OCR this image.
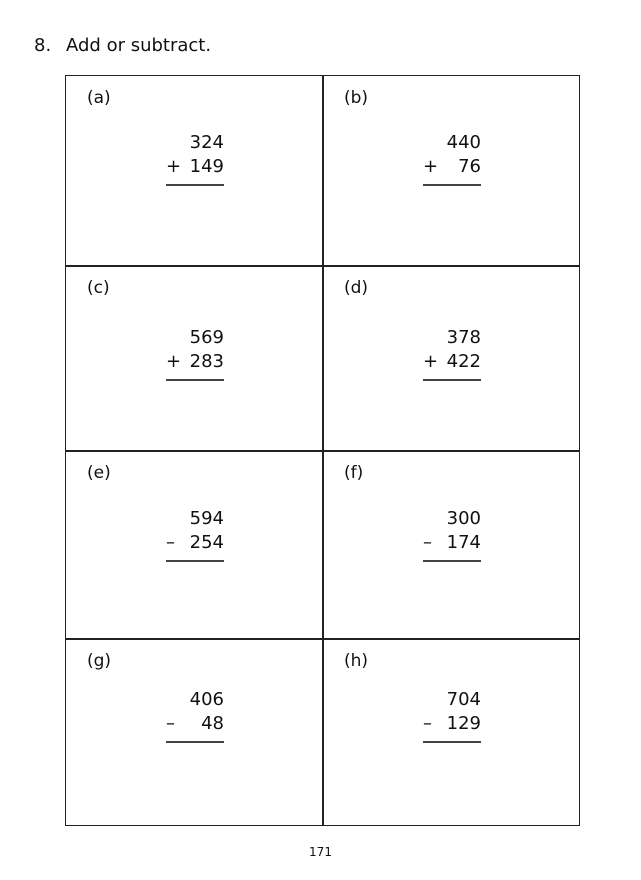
8. Add or subtract.
(a)
324
+ 149
(b)
440
+ 76
(c)
569
+ 283
(d)
378
+ 422
(e)
594
– 254
(f)
300
– 174
(g)
406
– 48
(h)
704
– 129
171
